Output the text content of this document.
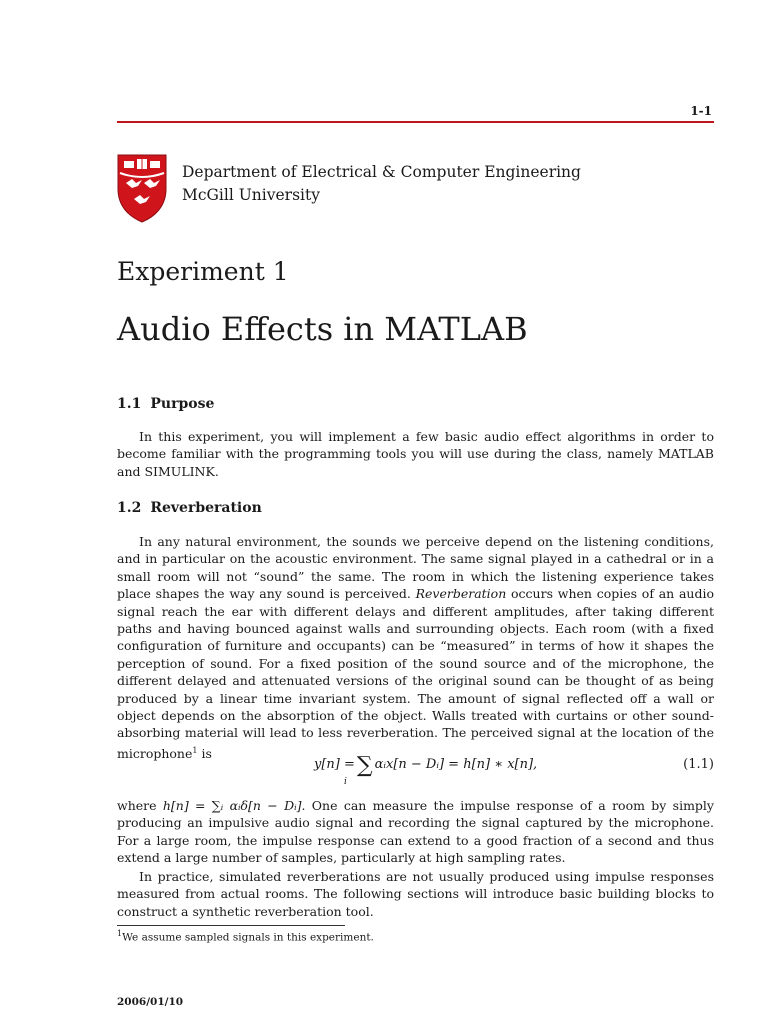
1-1
Department of Electrical & Computer Engineering
McGill University
Experiment 1
Audio Effects in MATLAB
1.1 Purpose

In this experiment, you will implement a few basic audio effect algorithms in order to become familiar with the programming tools you will use during the class, namely MATLAB and SIMULINK.

1.2 Reverberation

In any natural environment, the sounds we perceive depend on the listening conditions, and in particular on the acoustic environment. The same signal played in a cathedral or in a small room will not “sound” the same. The room in which the listening experience takes place shapes the way any sound is perceived. Reverberation occurs when copies of an audio signal reach the ear with different delays and different amplitudes, after taking different paths and having bounced against walls and surrounding objects. Each room (with a fixed configuration of furniture and occupants) can be “measured” in terms of how it shapes the perception of sound. For a fixed position of the sound source and of the microphone, the different delayed and attenuated versions of the original sound can be thought of as being produced by a linear time invariant system. The amount of signal reflected off a wall or object depends on the absorption of the object. Walls treated with curtains or other sound-absorbing material will lead to less reverberation. The perceived signal at the location of the microphone$^1$ is

y[n] =∑ αᵢx[n − Dᵢ] = h[n] ∗ x[n],
i
(1.1)

where h[n] = ∑ᵢ αᵢδ[n − Dᵢ]. One can measure the impulse response of a room by simply producing an impulsive audio signal and recording the signal captured by the microphone. For a large room, the impulse response can extend to a good fraction of a second and thus extend a large number of samples, particularly at high sampling rates.

In practice, simulated reverberations are not usually produced using impulse responses measured from actual rooms. The following sections will introduce basic building blocks to construct a synthetic reverberation tool.

$^1$We assume sampled signals in this experiment.
2006/01/10
